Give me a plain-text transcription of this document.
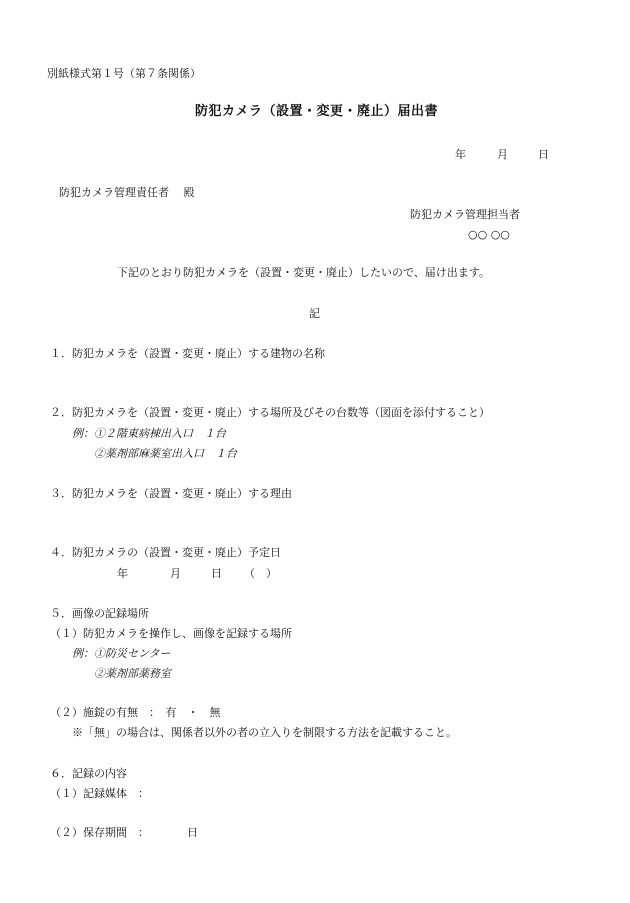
別紙様式第１号（第７条関係）
防犯カメラ（設置・変更・廃止）届出書
年	月	日
防犯カメラ管理責任者　 殿
防犯カメラ管理担当者
○○ ○○
下記のとおり防犯カメラを（設置・変更・廃止）したいので、届け出ます。
記
１．防犯カメラを（設置・変更・廃止）する建物の名称
２．防犯カメラを（設置・変更・廃止）する場所及びその台数等（図面を添付すること）
例：①２階東病棟出入口　１台
②薬剤部麻薬室出入口　１台
３．防犯カメラを（設置・変更・廃止）する理由
４．防犯カメラの（設置・変更・廃止）予定日
年	月	日 （　）
５．画像の記録場所
（１）防犯カメラを操作し、画像を記録する場所
例：①防災センター
②薬剤部薬務室
（２）施錠の有無　：　有　・　無
※「無」の場合は、関係者以外の者の立入りを制限する方法を記載すること。
６．記録の内容
（１）記録媒体　：
（２）保存期間　：	日
